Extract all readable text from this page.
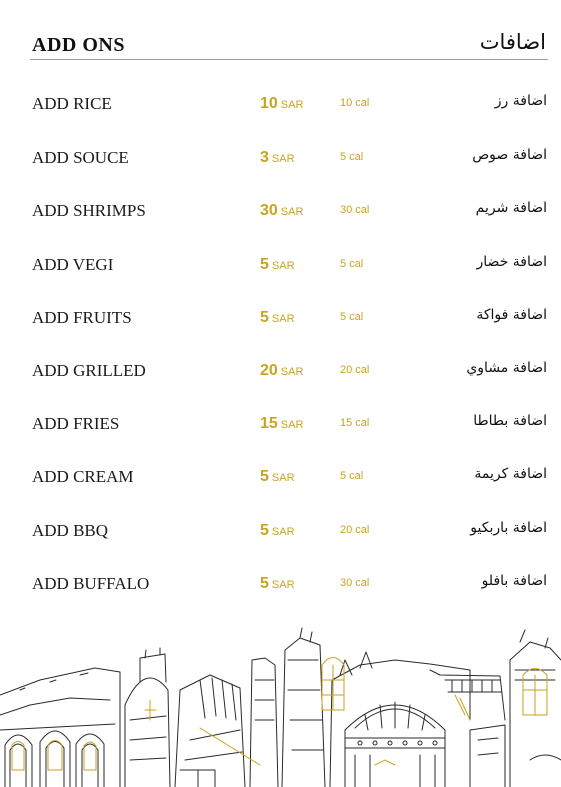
ADD ONS	اضافات
ADD RICE	10 SAR	10 cal	اضافة رز
ADD SOUCE	3 SAR	5 cal	اضافة صوص
ADD SHRIMPS	30 SAR	30 cal	اضافة شريم
ADD VEGI	5 SAR	5 cal	اضافة خضار
ADD FRUITS	5 SAR	5 cal	اضافة فواكة
ADD GRILLED	20 SAR	20 cal	اضافة مشاوي
ADD FRIES	15 SAR	15 cal	اضافة بطاطا
ADD CREAM	5 SAR	5 cal	اضافة كريمة
ADD BBQ	5 SAR	20 cal	اضافة باربكيو
ADD BUFFALO	5 SAR	30 cal	اضافة بافلو
